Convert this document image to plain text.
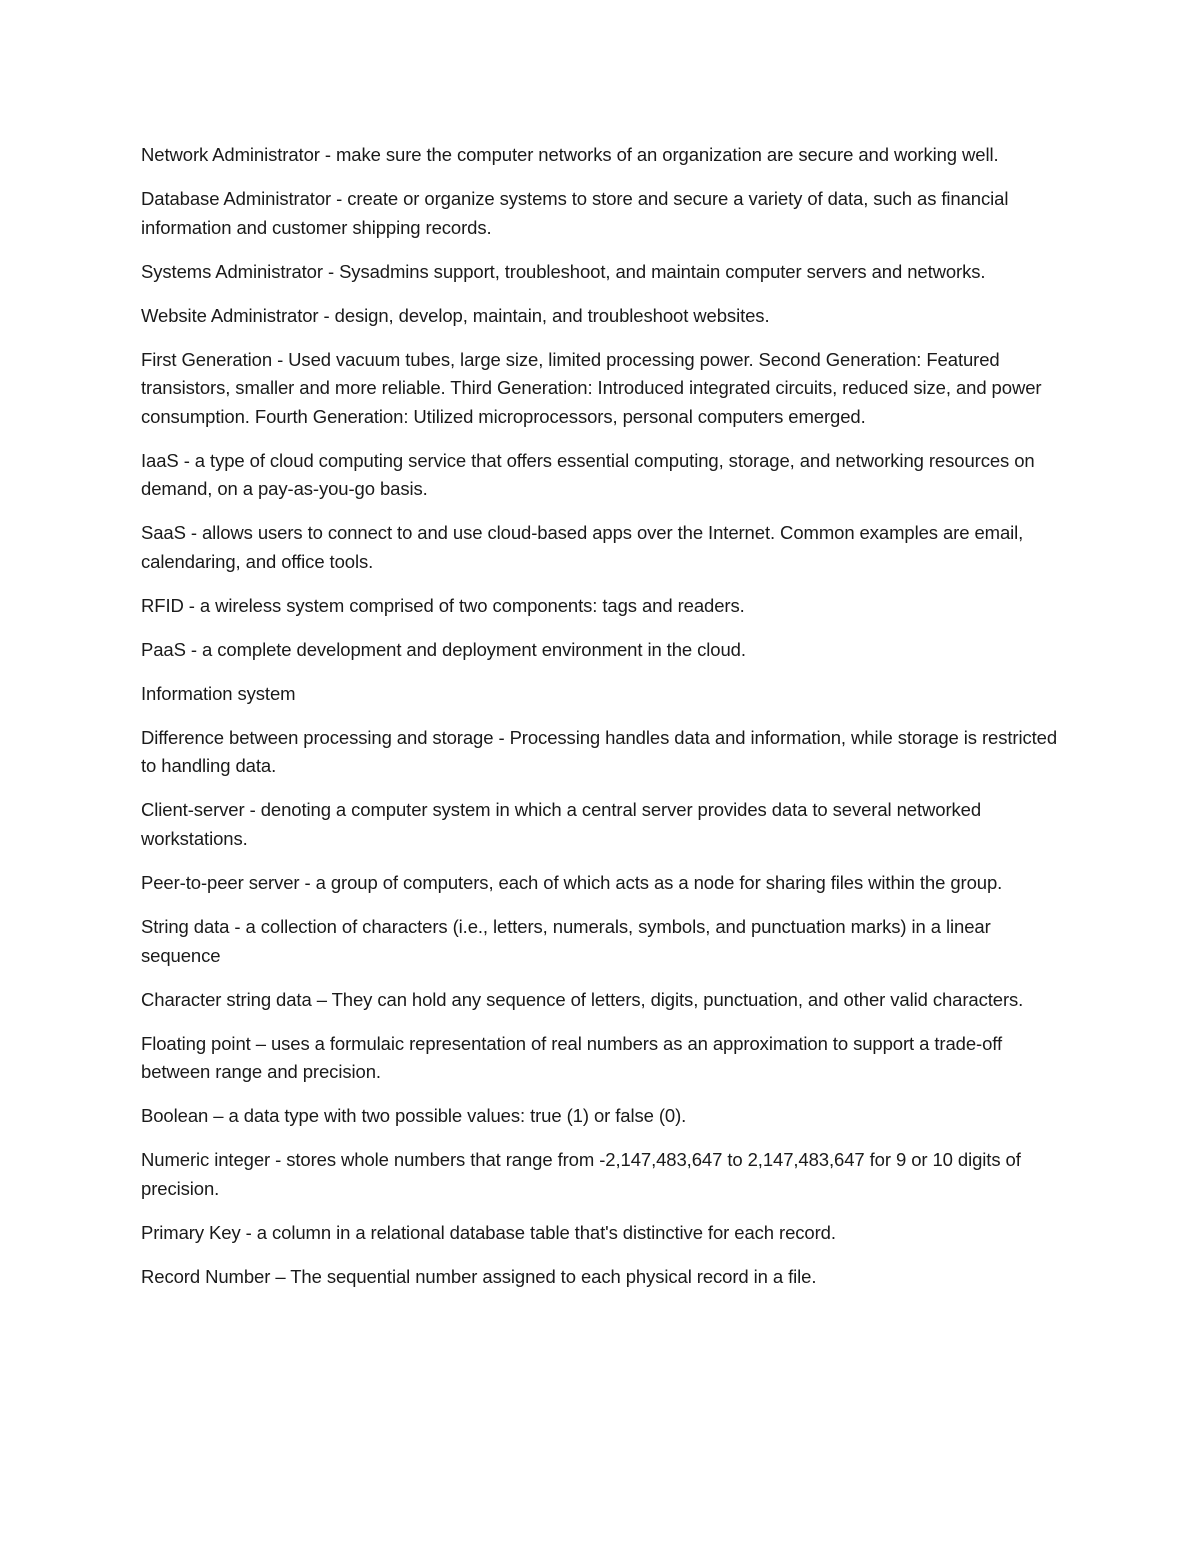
Network Administrator - make sure the computer networks of an organization are secure and working well.

Database Administrator - create or organize systems to store and secure a variety of data, such as financial information and customer shipping records.

Systems Administrator - Sysadmins support, troubleshoot, and maintain computer servers and networks.

Website Administrator - design, develop, maintain, and troubleshoot websites.

First Generation - Used vacuum tubes, large size, limited processing power. Second Generation: Featured transistors, smaller and more reliable. Third Generation: Introduced integrated circuits, reduced size, and power consumption. Fourth Generation: Utilized microprocessors, personal computers emerged.

IaaS - a type of cloud computing service that offers essential computing, storage, and networking resources on demand, on a pay-as-you-go basis.

SaaS - allows users to connect to and use cloud-based apps over the Internet. Common examples are email, calendaring, and office tools.

RFID - a wireless system comprised of two components: tags and readers.

PaaS - a complete development and deployment environment in the cloud.

Information system

Difference between processing and storage - Processing handles data and information, while storage is restricted to handling data.

Client-server - denoting a computer system in which a central server provides data to several networked workstations.

Peer-to-peer server - a group of computers, each of which acts as a node for sharing files within the group.

String data - a collection of characters (i.e., letters, numerals, symbols, and punctuation marks) in a linear sequence

Character string data – They can hold any sequence of letters, digits, punctuation, and other valid characters.

Floating point – uses a formulaic representation of real numbers as an approximation to support a trade-off between range and precision.

Boolean – a data type with two possible values: true (1) or false (0).

Numeric integer - stores whole numbers that range from -2,147,483,647 to 2,147,483,647 for 9 or 10 digits of precision.

Primary Key - a column in a relational database table that's distinctive for each record.

Record Number – The sequential number assigned to each physical record in a file.
